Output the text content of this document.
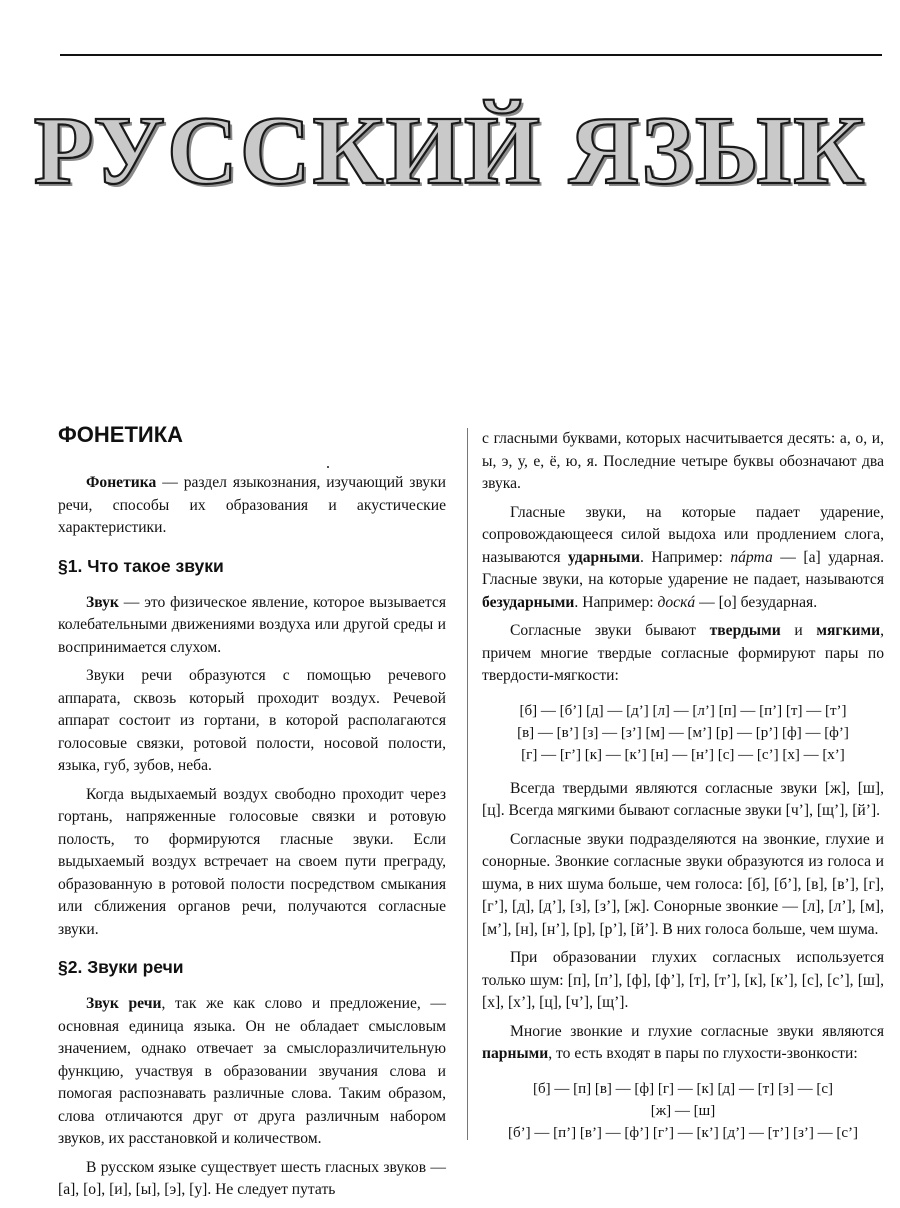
РУССКИЙ ЯЗЫК
ФОНЕТИКА

Фонетика — раздел языкознания, изучающий звуки речи, способы их образования и акустические характеристики.

§1. Что такое звуки

Звук — это физическое явление, которое вызывается колебательными движениями воздуха или другой среды и воспринимается слухом.

Звуки речи образуются с помощью речевого аппарата, сквозь который проходит воздух. Речевой аппарат состоит из гортани, в которой располагаются голосовые связки, ротовой полости, носовой полости, языка, губ, зубов, неба.

Когда выдыхаемый воздух свободно проходит через гортань, напряженные голосовые связки и ротовую полость, то формируются гласные звуки. Если выдыхаемый воздух встречает на своем пути преграду, образованную в ротовой полости посредством смыкания или сближения органов речи, получаются согласные звуки.

§2. Звуки речи

Звук речи, так же как слово и предложение, — основная единица языка. Он не обладает смысловым значением, однако отвечает за смыслоразличительную функцию, участвуя в образовании звучания слова и помогая распознавать различные слова. Таким образом, слова отличаются друг от друга различным набором звуков, их расстановкой и количеством.

В русском языке существует шесть гласных звуков — [а], [о], [и], [ы], [э], [у]. Не следует путать

с гласными буквами, которых насчитывается десять: а, о, и, ы, э, у, е, ё, ю, я. Последние четыре буквы обозначают два звука.

Гласные звуки, на которые падает ударение, сопровождающееся силой выдоха или продлением слога, называются ударными. Например: пáрта — [а] ударная. Гласные звуки, на которые ударение не падает, называются безударными. Например: доскá — [о] безударная.

Согласные звуки бывают твердыми и мягкими, причем многие твердые согласные формируют пары по твердости-мягкости:

[б] — [б’] [д] — [д’] [л] — [л’] [п] — [п’] [т] — [т’]
[в] — [в’] [з] — [з’] [м] — [м’] [р] — [р’] [ф] — [ф’]
[г] — [г’] [к] — [к’] [н] — [н’] [с] — [с’] [х] — [х’]

Всегда твердыми являются согласные звуки [ж], [ш], [ц]. Всегда мягкими бывают согласные звуки [ч’], [щ’], [й’].

Согласные звуки подразделяются на звонкие, глухие и сонорные. Звонкие согласные звуки образуются из голоса и шума, в них шума больше, чем голоса: [б], [б’], [в], [в’], [г], [г’], [д], [д’], [з], [з’], [ж]. Сонорные звонкие — [л], [л’], [м], [м’], [н], [н’], [р], [р’], [й’]. В них голоса больше, чем шума.

При образовании глухих согласных используется только шум: [п], [п’], [ф], [ф’], [т], [т’], [к], [к’], [с], [с’], [ш], [х], [х’], [ц], [ч’], [щ’].

Многие звонкие и глухие согласные звуки являются парными, то есть входят в пары по глухости-звонкости:

[б] — [п] [в] — [ф] [г] — [к] [д] — [т] [з] — [с]
[ж] — [ш]
[б’] — [п’] [в’] — [ф’] [г’] — [к’] [д’] — [т’] [з’] — [с’]
